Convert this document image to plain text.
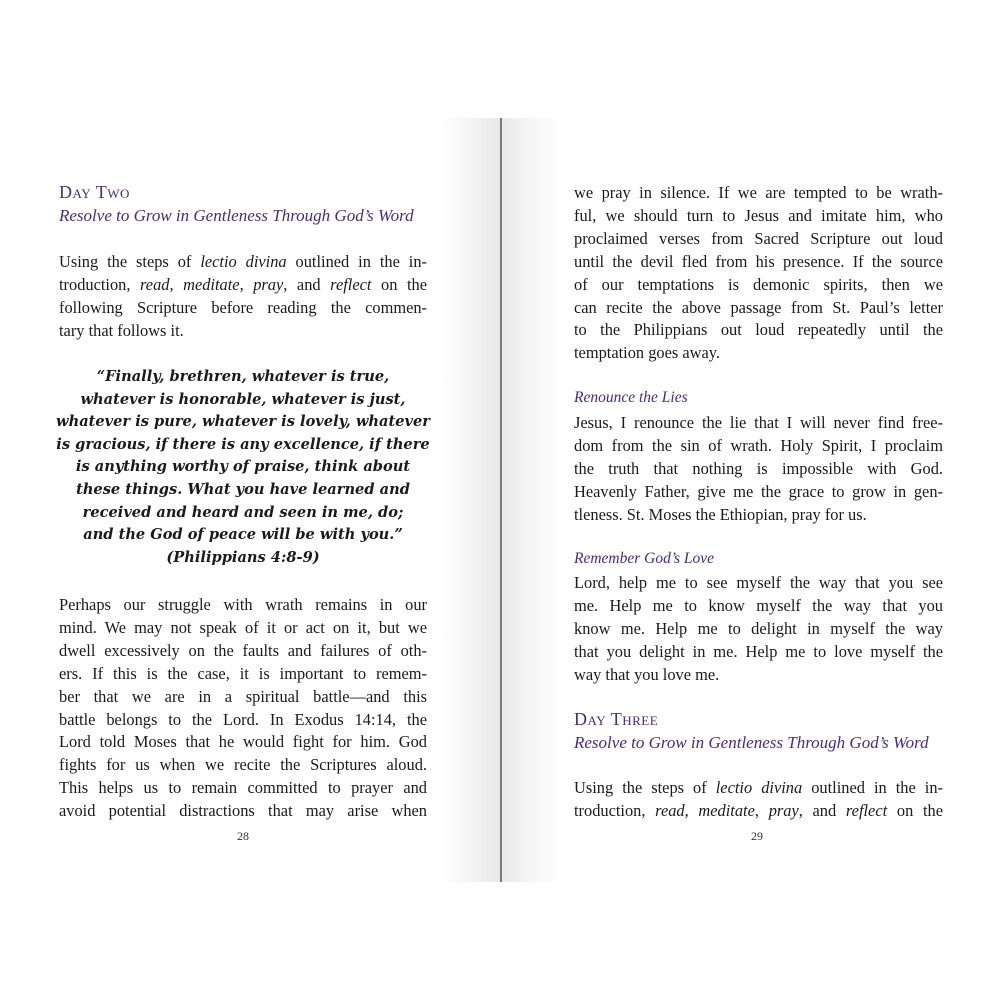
Day Two
Resolve to Grow in Gentleness Through God’s Word
Using the steps of lectio divina outlined in the in-
troduction, read, meditate, pray, and reflect on the
following Scripture before reading the commen-
tary that follows it.
“Finally, brethren, whatever is true,
whatever is honorable, whatever is just,
whatever is pure, whatever is lovely, whatever
is gracious, if there is any excellence, if there
is anything worthy of praise, think about
these things. What you have learned and
received and heard and seen in me, do;
and the God of peace will be with you.”
(Philippians 4:8-9)
Perhaps our struggle with wrath remains in our
mind. We may not speak of it or act on it, but we
dwell excessively on the faults and failures of oth-
ers. If this is the case, it is important to remem-
ber that we are in a spiritual battle—and this
battle belongs to the Lord. In Exodus 14:14, the
Lord told Moses that he would fight for him. God
fights for us when we recite the Scriptures aloud.
This helps us to remain committed to prayer and
avoid potential distractions that may arise when
28
we pray in silence. If we are tempted to be wrath-
ful, we should turn to Jesus and imitate him, who
proclaimed verses from Sacred Scripture out loud
until the devil fled from his presence. If the source
of our temptations is demonic spirits, then we
can recite the above passage from St. Paul’s letter
to the Philippians out loud repeatedly until the
temptation goes away.
Renounce the Lies
Jesus, I renounce the lie that I will never find free-
dom from the sin of wrath. Holy Spirit, I proclaim
the truth that nothing is impossible with God.
Heavenly Father, give me the grace to grow in gen-
tleness. St. Moses the Ethiopian, pray for us.
Remember God’s Love
Lord, help me to see myself the way that you see
me. Help me to know myself the way that you
know me. Help me to delight in myself the way
that you delight in me. Help me to love myself the
way that you love me.
Day Three
Resolve to Grow in Gentleness Through God’s Word
Using the steps of lectio divina outlined in the in-
troduction, read, meditate, pray, and reflect on the
29
